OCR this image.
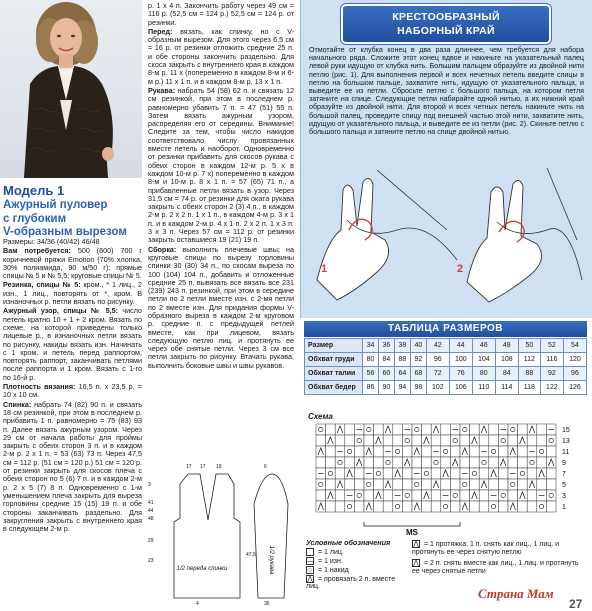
Модель 1
Ажурный пуловер
с глубоким
V-образным вырезом

Размеры: 34/36 (40/42) 46/48

Вам потребуется: 500 (600) 700 г коричневой пряжи Emotion (70% хлопка, 30% полиамида, 90 м/50 г); прямые спицы № 5 и № 5,5; круговые спицы № 5.

Резинка, спицы № 5: кром., * 1 лиц., 2 изн., 1 лиц., повторять от *, кром. В изнаночных р. петли вязать по рисунку.

Ажурный узор, спицы № 5,5: число петель кратно 10 + 1 + 2 кром. Вязать по схеме, на которой приведены только лицевые р., в изнаночных петли вязать по рисунку, накиды вязать изн. Начинать с 1 кром. и петель перед раппортом, повторять раппорт, заканчивать петлями после раппорта и 1 кром. Вязать с 1-го по 16-й р.

Плотность вязания: 16,5 п. х 23,5 р. = 10 х 10 см.

Спинка: набрать 74 (82) 90 п. и связать 18 см резинкой, при этом в последнем р. прибавить 1 п. равномерно = 75 (83) 93 п. Далее вязать ажурным узором. Через 29 см от начала работы для проймы закрыть с обеих сторон 3 п. и в каждом 2-м р. 2 х 1 п. = 53 (63) 73 п. Через 47,5 см = 112 р. (51 см = 120 р.) 51 см = 120 р. от резинки закрыть для скосов плеча с обеих сторон по 5 (6) 7 п. и в каждом 2-м р. 2 х 5 (7) 8 п. Одновременно с 1-м уменьшением плеча закрыть для выреза горловины средние 15 (15) 19 п. и обе стороны заканчивать раздельно. Для закругления закрыть с внутреннего края в следующем 2-м р.

р. 1 х 4 п. Закончить работу через 49 см = 116 р. (52,5 см = 124 р.) 52,5 см = 124 р. от резинки.

Перед: вязать, как спинку, но с V-образным вырезом. Для этого через 6,5 см = 16 р. от резинки отложить средние 25 п. и обе стороны закончить раздельно. Для скоса закрыть с внутреннего края в каждом 8-м р. 11 х (попеременно в каждом 8-м и 6-м р.) 11 х 1 п. и в каждом 8-м р. 13 х 1 п.

Рукава: набрать 54 (58) 62 п. и связать 12 см резинкой, при этом в последнем р. равномерно убавить 7 п. = 47 (51) 55 п. Затем вязать ажурным узором, распределяя его от середины. Внимание! Следите за тем, чтобы число накидов соответствовало числу провязанных вместе петель и наоборот. Одновременно от резинки прибавить для скосов рукава с обеих сторон в каждом 12-м р. 5 х в каждом 10-м р. 7 х) попеременно в каждом 8-м и 10-м р. 8 х 1 п. = 57 (65) 71 п., а прибавленные петли вязать в узор. Через 31,5 см = 74 р. от резинки для оката рукава закрыть с обеих сторон 2 (3) 4 п., в каждом 2-м р. 2 х 2 п. 1 х 1 п., в каждом 4-м р. 3 х 1 п. и в каждом 2-м р. 4 х 1 п. 2 х 2 п. 1 х 3 п. 3 х 3 п. Через 57 см = 112 р. от резинки закрыть оставшиеся 19 (21) 19 п.

Сборка: выполнить плечевые швы; на круговые спицы по вырезу горловины спинки 30 (30) 34 п., по скосам выреза по 100 (104) 104 п., добавить и отложенные средние 25 п. вывязать все вязать все 231 (239) 243 п. резинкой, при этом в середине петли по 2 петли вместе изн. с 2-мя петли по 2 вместе изн. Для придания формы V-образного выреза в каждом 2-м круговом р. средние п. с предыдущей петлей вместе, как при лицевом, вязать следующую петлю лиц. и протянуть ее через обе снятые петли. Через 3 см все петли закрыть по рисунку. Втачать рукава, выполнить боковые швы и швы рукавов.

17 17 19
3
41
44
48
29
23
4
6
47,5
36
1/2 переда спинки	1/2 рукава
КРЕСТООБРАЗНЫЙ
НАБОРНЫЙ КРАЙ
Отмотайте от клубка конец в два раза длиннее, чем требуется для набора начального ряда. Сложите этот конец вдвое и накиньте на указательный палец левой руки идущую от клубка нить. Большим пальцем образуйте из двойной нити петлю (рис. 1). Для выполнения первой и всех нечетных петель введите спицы в петлю на большом пальце, захватите нить, идущую от указательного пальца, и выведите ее из петли. Сбросьте петлю с большого пальца, на котором петля затяните на спице. Следующие петли набирайте одной нитью, а их нижний край образуйте из двойной нити. Для второй и всех четных петель накиньте нить на большой палец, проведите спицу под внешней частью этой нити, захватите нить, идущую от указательного пальца, и выведите ее из петли (рис. 2). Скиньте петлю с большого пальца и затяните петлю на спице двойной нитью.
1	2
ТАБЛИЦА РАЗМЕРОВ
Размер	34	36	38	40	42	44	46	48	50	52	54
Обхват груди	80	84	88	92	96	100	104	108	112	116	120
Обхват талии	56	60	64	68	72	76	80	84	88	92	96
Обхват бедер	86	90	94	98	102	106	110	114	118	122	126
Схема
15
13
11
9
7
5
3
1
MS
Условные обозначения
= 1 лиц.
— = 1 изн.
○ = 1 накид
⋀ = провязать 2 п. вместе лиц.
⋀ = 1 протяжка: 1 п. снять как лиц., 1 лиц. и протянуть ее через снятую петлю
⋀ = 2 п. снять вместе как лиц., 1 лиц. и протянуть ее через снятые петли
Страна Мам
27
